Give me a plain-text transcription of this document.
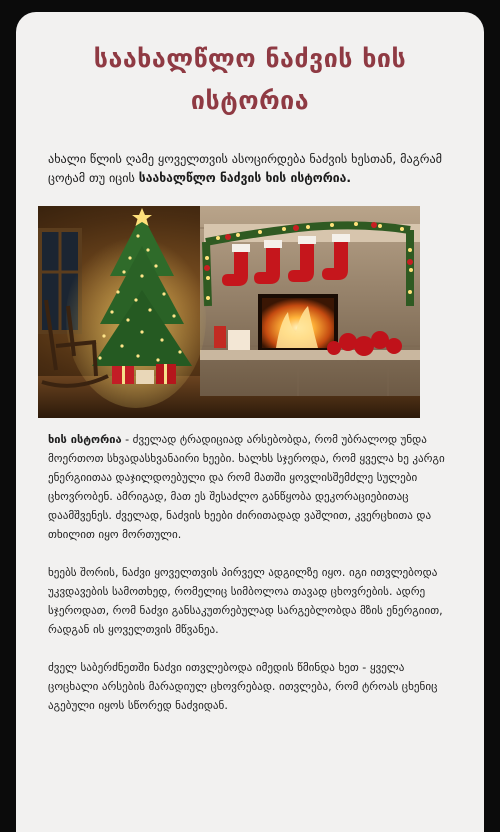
საახალწლო ნაძვის ხის ისტორია
ახალი წლის ღამე ყოველთვის ასოცირდება ნაძვის ხესთან, მაგრამ ცოტამ თუ იცის საახალწლო ნაძვის ხის ისტორია.

ხის ისტორია - ძველად ტრადიციად არსებობდა, რომ უბრალოდ უნდა მოერთოთ სხვადასხვანაირი ხეები. ხალხს სჯეროდა, რომ ყველა ხე კარგი ენერგიითაა დაჯილდოებული და რომ მათში ყოვლისშემძლე სულები ცხოვრობენ. ამრიგად, მათ ეს შესაძლო განწყობა დეკორაციებითაც დაამშვენეს. ძველად, ნაძვის ხეები ძირითადად ვაშლით, კვერცხითა და თხილით იყო მორთული.

ხეებს შორის, ნაძვი ყოველთვის პირველ ადგილზე იყო. იგი ითვლებოდა უკვდავების სამოთხედ, რომელიც სიმბოლოა თავად ცხოვრების. ადრე სჯეროდათ, რომ ნაძვი განსაკუთრებულად სარგებლობდა მზის ენერგიით, რადგან ის ყოველთვის მწვანეა.

ძველ საბერძნეთში ნაძვი ითვლებოდა იმედის წმინდა ხეთ - ყველა ცოცხალი არსების მარადიულ ცხოვრებად. ითვლება, რომ ტროას ცხენიც აგებული იყოს სწორედ ნაძვიდან.
